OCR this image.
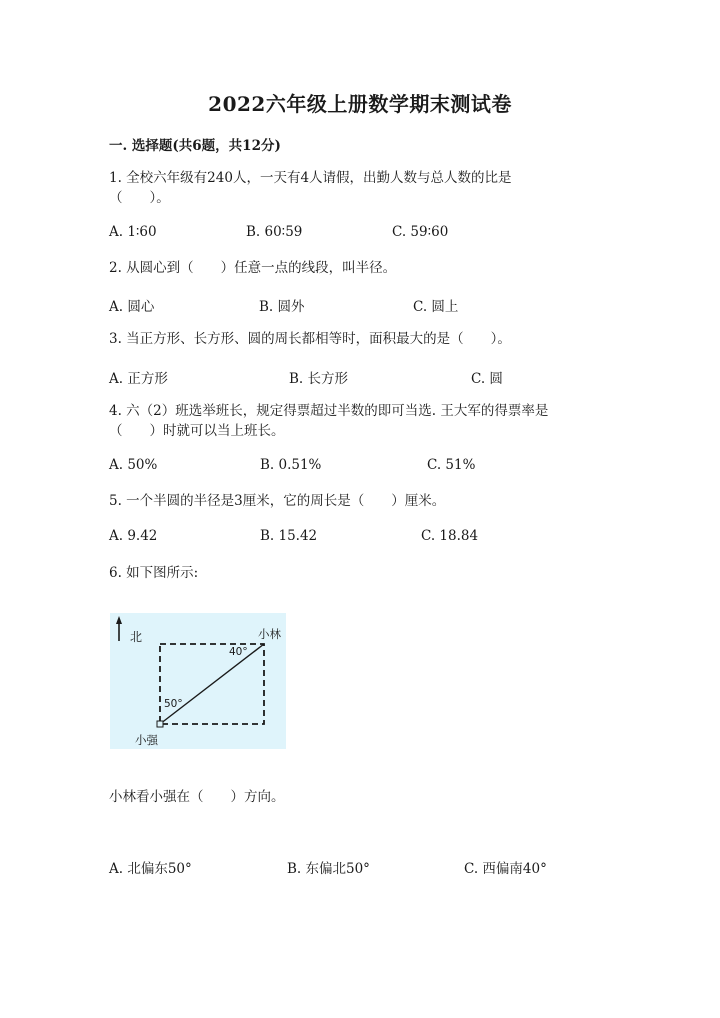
2022六年级上册数学期末测试卷
一. 选择题(共6题，共12分)
1. 全校六年级有240人，一天有4人请假，出勤人数与总人数的比是
（　　）。
A. 1∶60	B. 60∶59	C. 59∶60
2. 从圆心到（　　）任意一点的线段，叫半径。
A. 圆心	B. 圆外	C. 圆上
3. 当正方形、长方形、圆的周长都相等时，面积最大的是（　　）。
A. 正方形	B. 长方形	C. 圆
4. 六（2）班选举班长，规定得票超过半数的即可当选. 王大军的得票率是
（　　）时就可以当上班长。
A. 50%	B. 0.51%	C. 51%
5. 一个半圆的半径是3厘米，它的周长是（　　）厘米。
A. 9.42	B. 15.42	C. 18.84
6. 如下图所示:
北	小林
40°
50°
小强
小林看小强在（　　）方向。
A. 北偏东50°	B. 东偏北50°	C. 西偏南40°
